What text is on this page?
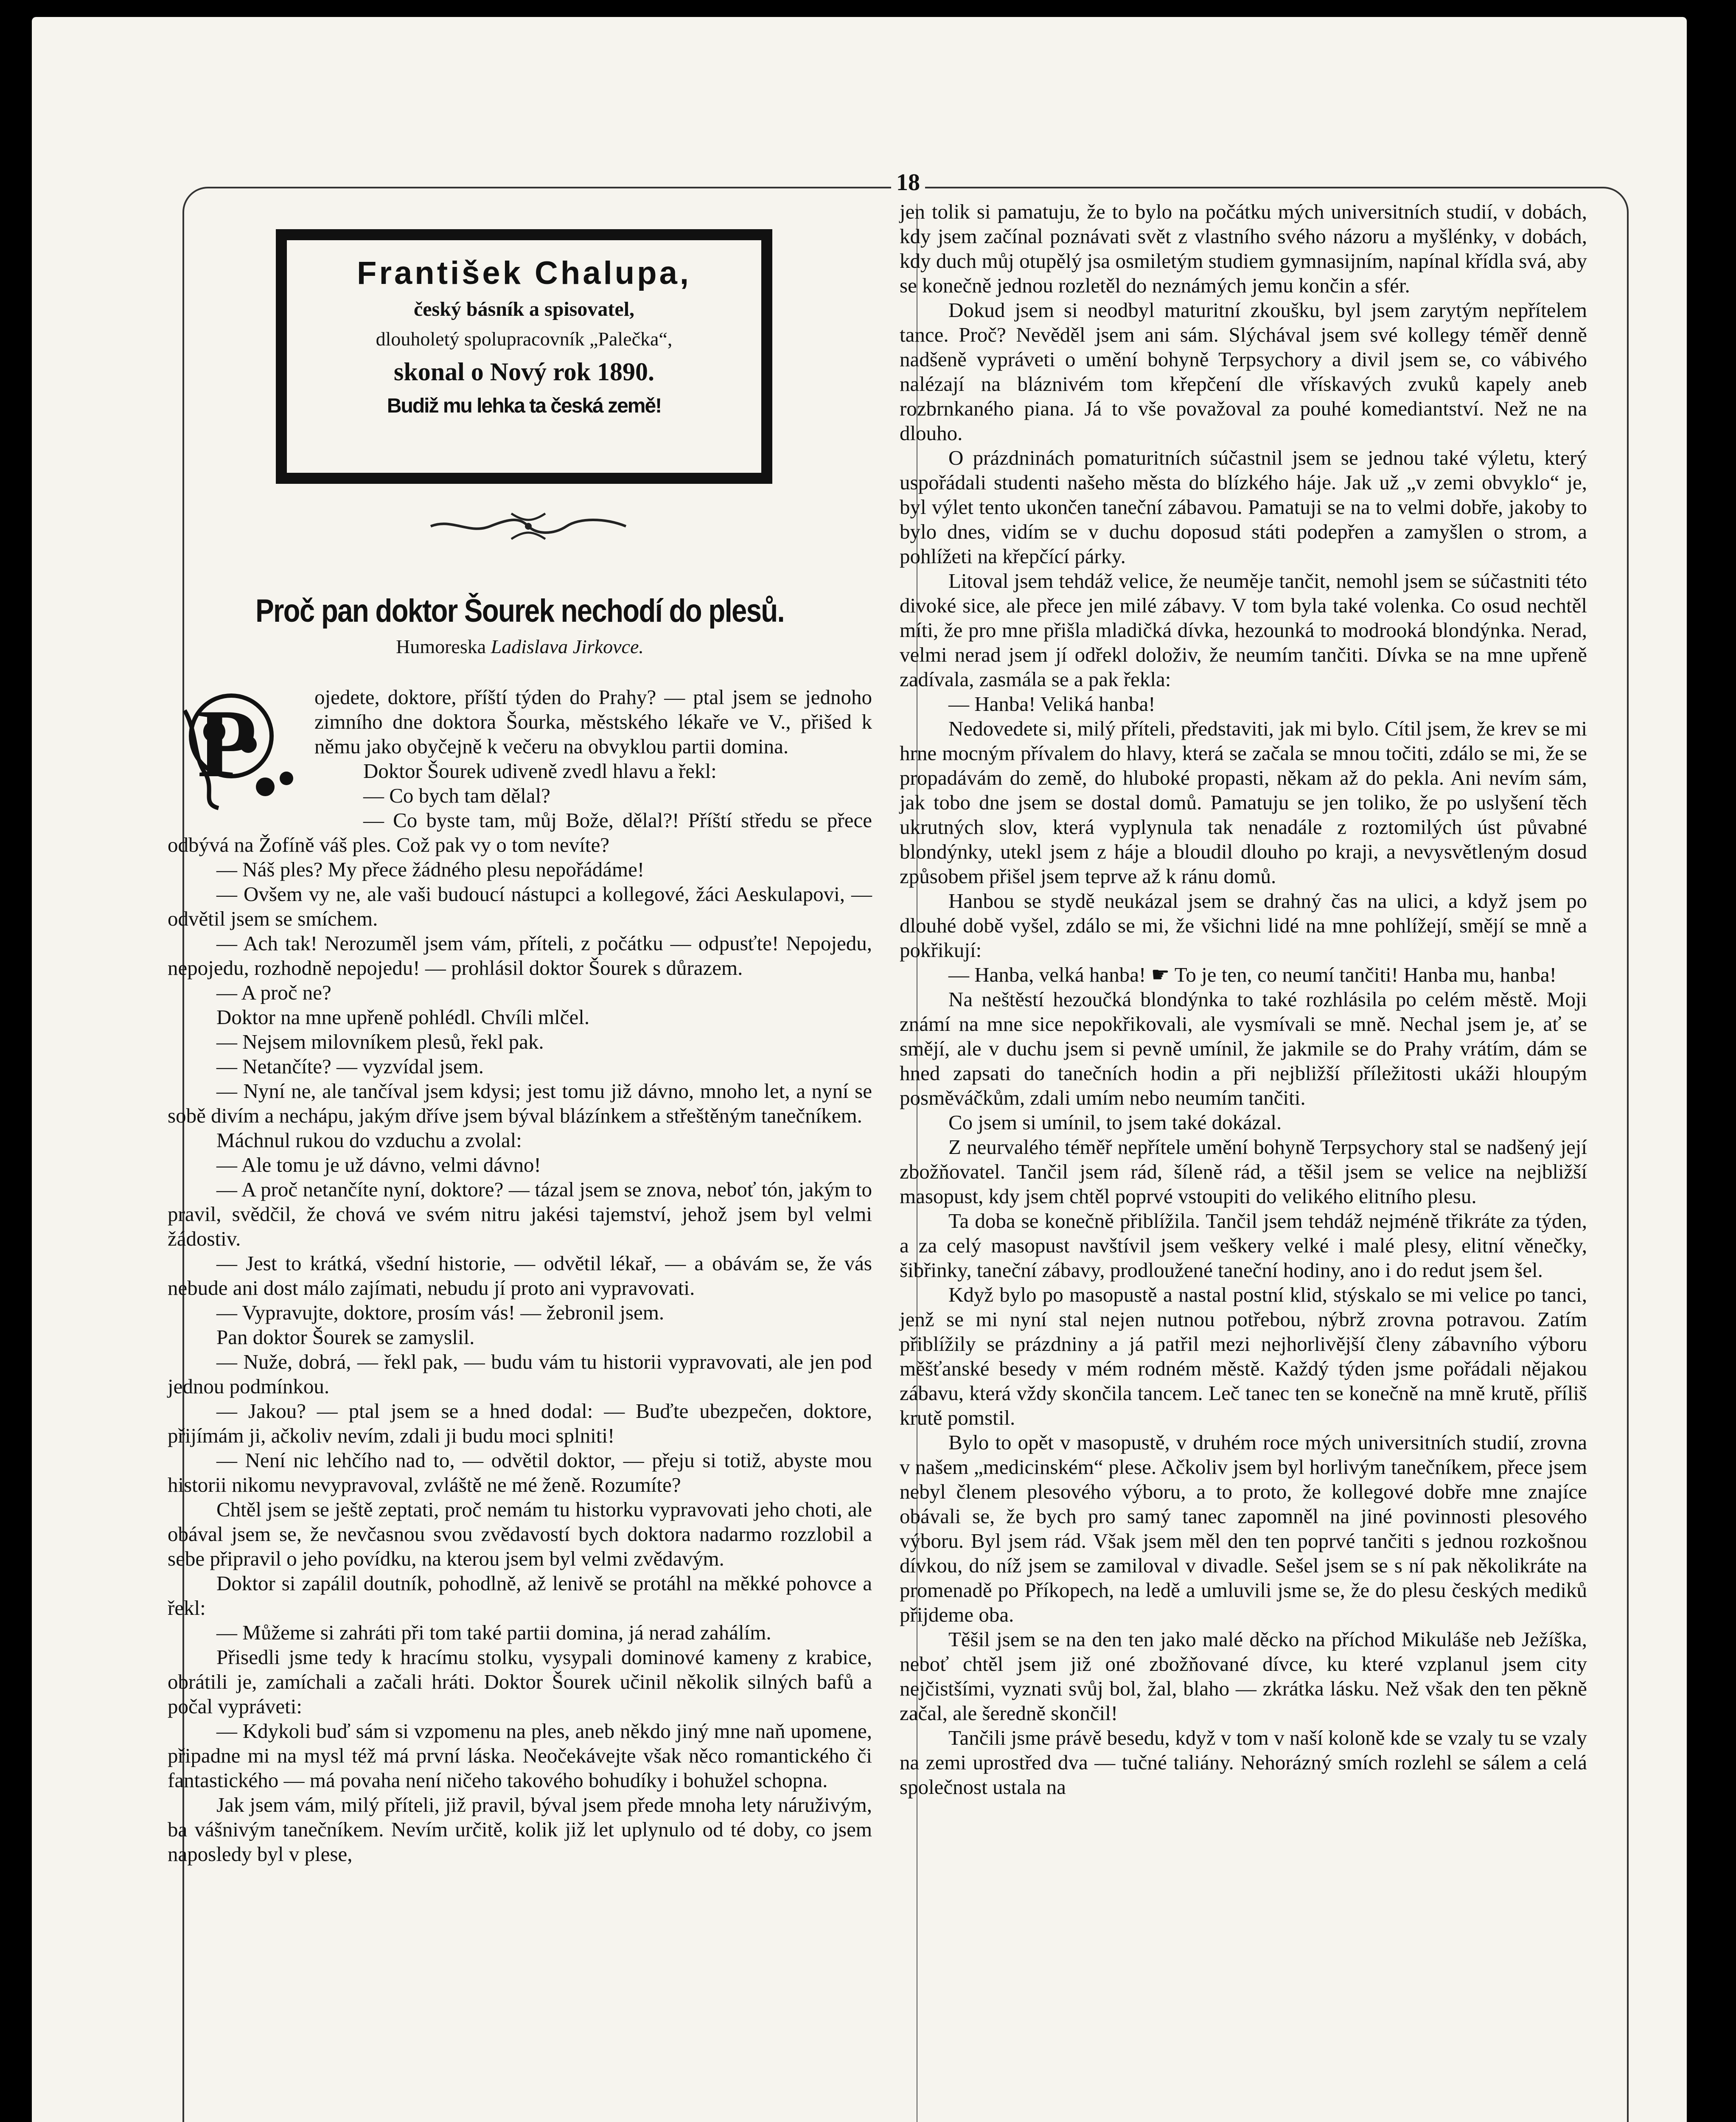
18
František Chalupa,
český básník a spisovatel,
dlouholetý spolupracovník „Palečka“,
skonal o Nový rok 1890.
Budiž mu lehka ta česká země!
Proč pan doktor Šourek nechodí do plesů.
Humoreska Ladislava Jirkovce.
P	ojedete, doktore, příští týden do Prahy? — ptal jsem se jednoho zimního dne doktora Šourka, městského lékaře ve V., přišed k němu jako obyčejně k večeru na obvyklou partii domina.

Doktor Šourek udiveně zvedl hlavu a řekl:

— Co bych tam dělal?

— Co byste tam, můj Bože, dělal?! Příští středu se přece odbývá na Žofíně váš ples. Což pak vy o tom nevíte?

— Náš ples? My přece žádného plesu nepořádáme!

— Ovšem vy ne, ale vaši budoucí nástupci a kollegové, žáci Aeskulapovi, — odvětil jsem se smíchem.

— Ach tak! Nerozuměl jsem vám, příteli, z počátku — odpusťte! Nepojedu, nepojedu, rozhodně nepojedu! — prohlásil doktor Šourek s důrazem.

— A proč ne?

Doktor na mne upřeně pohlédl. Chvíli mlčel.

— Nejsem milovníkem plesů, řekl pak.

— Netančíte? — vyzvídal jsem.

— Nyní ne, ale tančíval jsem kdysi; jest tomu již dávno, mnoho let, a nyní se sobě divím a nechápu, jakým dříve jsem býval blázínkem a střeštěným tanečníkem.

Máchnul rukou do vzduchu a zvolal:

— Ale tomu je už dávno, velmi dávno!

— A proč netančíte nyní, doktore? — tázal jsem se znova, neboť tón, jakým to pravil, svědčil, že chová ve svém nitru jakési tajemství, jehož jsem byl velmi žádostiv.

— Jest to krátká, všední historie, — odvětil lékař, — a obávám se, že vás nebude ani dost málo zajímati, nebudu jí proto ani vypravovati.

— Vypravujte, doktore, prosím vás! — žebronil jsem.

Pan doktor Šourek se zamyslil.

— Nuže, dobrá, — řekl pak, — budu vám tu historii vypravovati, ale jen pod jednou podmínkou.

— Jakou? — ptal jsem se a hned dodal: — Buďte ubezpečen, doktore, přijímám ji, ačkoliv nevím, zdali ji budu moci splniti!

— Není nic lehčího nad to, — odvětil doktor, — přeju si totiž, abyste mou historii nikomu nevypravoval, zvláště ne mé ženě. Rozumíte?

Chtěl jsem se ještě zeptati, proč nemám tu historku vypravovati jeho choti, ale obával jsem se, že nevčasnou svou zvědavostí bych doktora nadarmo rozzlobil a sebe připravil o jeho povídku, na kterou jsem byl velmi zvědavým.

Doktor si zapálil doutník, pohodlně, až lenivě se protáhl na měkké pohovce a řekl:

— Můžeme si zahráti při tom také partii domina, já nerad zahálím.

Přisedli jsme tedy k hracímu stolku, vysypali dominové kameny z krabice, obrátili je, zamíchali a začali hráti. Doktor Šourek učinil několik silných bafů a počal vypráveti:

— Kdykoli buď sám si vzpomenu na ples, aneb někdo jiný mne naň upomene, připadne mi na mysl též má první láska. Neočekávejte však něco romantického či fantastického — má povaha není ničeho takového bohudíky i bohužel schopna.

Jak jsem vám, milý příteli, již pravil, býval jsem přede mnoha lety náruživým, ba vášnivým tanečníkem. Nevím určitě, kolik již let uplynulo od té doby, co jsem naposledy byl v plese,

jen tolik si pamatuju, že to bylo na počátku mých universitních studií, v dobách, kdy jsem začínal poznávati svět z vlastního svého názoru a myšlénky, v dobách, kdy duch můj otupělý jsa osmiletým studiem gymnasijním, napínal křídla svá, aby se konečně jednou rozletěl do neznámých jemu končin a sfér.

Dokud jsem si neodbyl maturitní zkoušku, byl jsem zarytým nepřítelem tance. Proč? Nevěděl jsem ani sám. Slýchával jsem své kollegy téměř denně nadšeně vypráveti o umění bohyně Terpsychory a divil jsem se, co vábivého nalézají na bláznivém tom křepčení dle vřískavých zvuků kapely aneb rozbrnkaného piana. Já to vše považoval za pouhé komediantství. Než ne na dlouho.

O prázdninách pomaturitních súčastnil jsem se jednou také výletu, který uspořádali studenti našeho města do blízkého háje. Jak už „v zemi obvyklo“ je, byl výlet tento ukončen taneční zábavou. Pamatuji se na to velmi dobře, jakoby to bylo dnes, vidím se v duchu doposud státi podepřen a zamyšlen o strom, a pohlížeti na křepčící párky.

Litoval jsem tehdáž velice, že neumějе tančit, nemohl jsem se súčastniti této divoké sice, ale přece jen milé zábavy. V tom byla také volenka. Co osud nechtěl míti, že pro mne přišla mladičká dívka, hezounká to modrooká blondýnka. Nerad, velmi nerad jsem jí odřekl doloživ, že neumím tančiti. Dívka se na mne upřeně zadívala, zasmála se a pak řekla:

— Hanba! Veliká hanba!

Nedovedete si, milý příteli, představiti, jak mi bylo. Cítil jsem, že krev se mi hrne mocným přívalem do hlavy, která se začala se mnou točiti, zdálo se mi, že se propadávám do země, do hluboké propasti, někam až do pekla. Ani nevím sám, jak tobo dne jsem se dostal domů. Pamatuju se jen toliko, že po uslyšení těch ukrutných slov, která vyplynula tak nenadále z roztomilých úst půvabné blondýnky, utekl jsem z háje a bloudil dlouho po kraji, a nevysvětleným dosud způsobem přišel jsem teprve až k ránu domů.

Hanbou se stydě neukázal jsem se drahný čas na ulici, a když jsem po dlouhé době vyšel, zdálo se mi, že všichni lidé na mne pohlížejí, smějí se mně a pokřikují:

— Hanba, velká hanba! ☛ To je ten, co neumí tančiti! Hanba mu, hanba!

Na neštěstí hezoučká blondýnka to také rozhlásila po celém městě. Moji známí na mne sice nepokřikovali, ale vysmívali se mně. Nechal jsem je, ať se smějí, ale v duchu jsem si pevně umínil, že jakmile se do Prahy vrátím, dám se hned zapsati do tanečních hodin a při nejbližší příležitosti ukáži hloupým posměváčkům, zdali umím nebo neumím tančiti.

Co jsem si umínil, to jsem také dokázal.

Z neurvalého téměř nepřítele umění bohyně Terpsychory stal se nadšený její zbožňovatel. Tančil jsem rád, šíleně rád, a těšil jsem se velice na nejbližší masopust, kdy jsem chtěl poprvé vstoupiti do velikého elitního plesu.

Ta doba se konečně přiblížila. Tančil jsem tehdáž nejméně třikráte za týden, a za celý masopust navštívil jsem veškery velké i malé plesy, elitní věnečky, šibřinky, taneční zábavy, prodloužené taneční hodiny, ano i do redut jsem šel.

Když bylo po masopustě a nastal postní klid, stýskalo se mi velice po tanci, jenž se mi nyní stal nejen nutnou potřebou, nýbrž zrovna potravou. Zatím přiblížily se prázdniny a já patřil mezi nejhorlivější členy zábavního výboru měšťanské besedy v mém rodném městě. Každý týden jsme pořádali nějakou zábavu, která vždy skončila tancem. Leč tanec ten se konečně na mně krutě, příliš krutě pomstil.

Bylo to opět v masopustě, v druhém roce mých universitních studií, zrovna v našem „medicinském“ plese. Ačkoliv jsem byl horlivým tanečníkem, přece jsem nebyl členem plesového výboru, a to proto, že kollegové dobře mne znajíce obávali se, že bych pro samý tanec zapomněl na jiné povinnosti plesového výboru. Byl jsem rád. Však jsem měl den ten poprvé tančiti s jednou rozkošnou dívkou, do níž jsem se zamiloval v divadle. Sešel jsem se s ní pak několikráte na promenadě po Příkopech, na ledě a umluvili jsme se, že do plesu českých mediků přijdeme oba.

Těšil jsem se na den ten jako malé děcko na příchod Mikuláše neb Ježíška, neboť chtěl jsem již oné zbožňované dívce, ku které vzplanul jsem city nejčistšími, vyznati svůj bol, žal, blaho — zkrátka lásku. Než však den ten pěkně začal, ale šeredně skončil!

Tančili jsme právě besedu, když v tom v naší koloně kde se vzaly tu se vzaly na zemi uprostřed dva — tučné taliány. Nehorázný smích rozlehl se sálem a celá společnost ustala na
